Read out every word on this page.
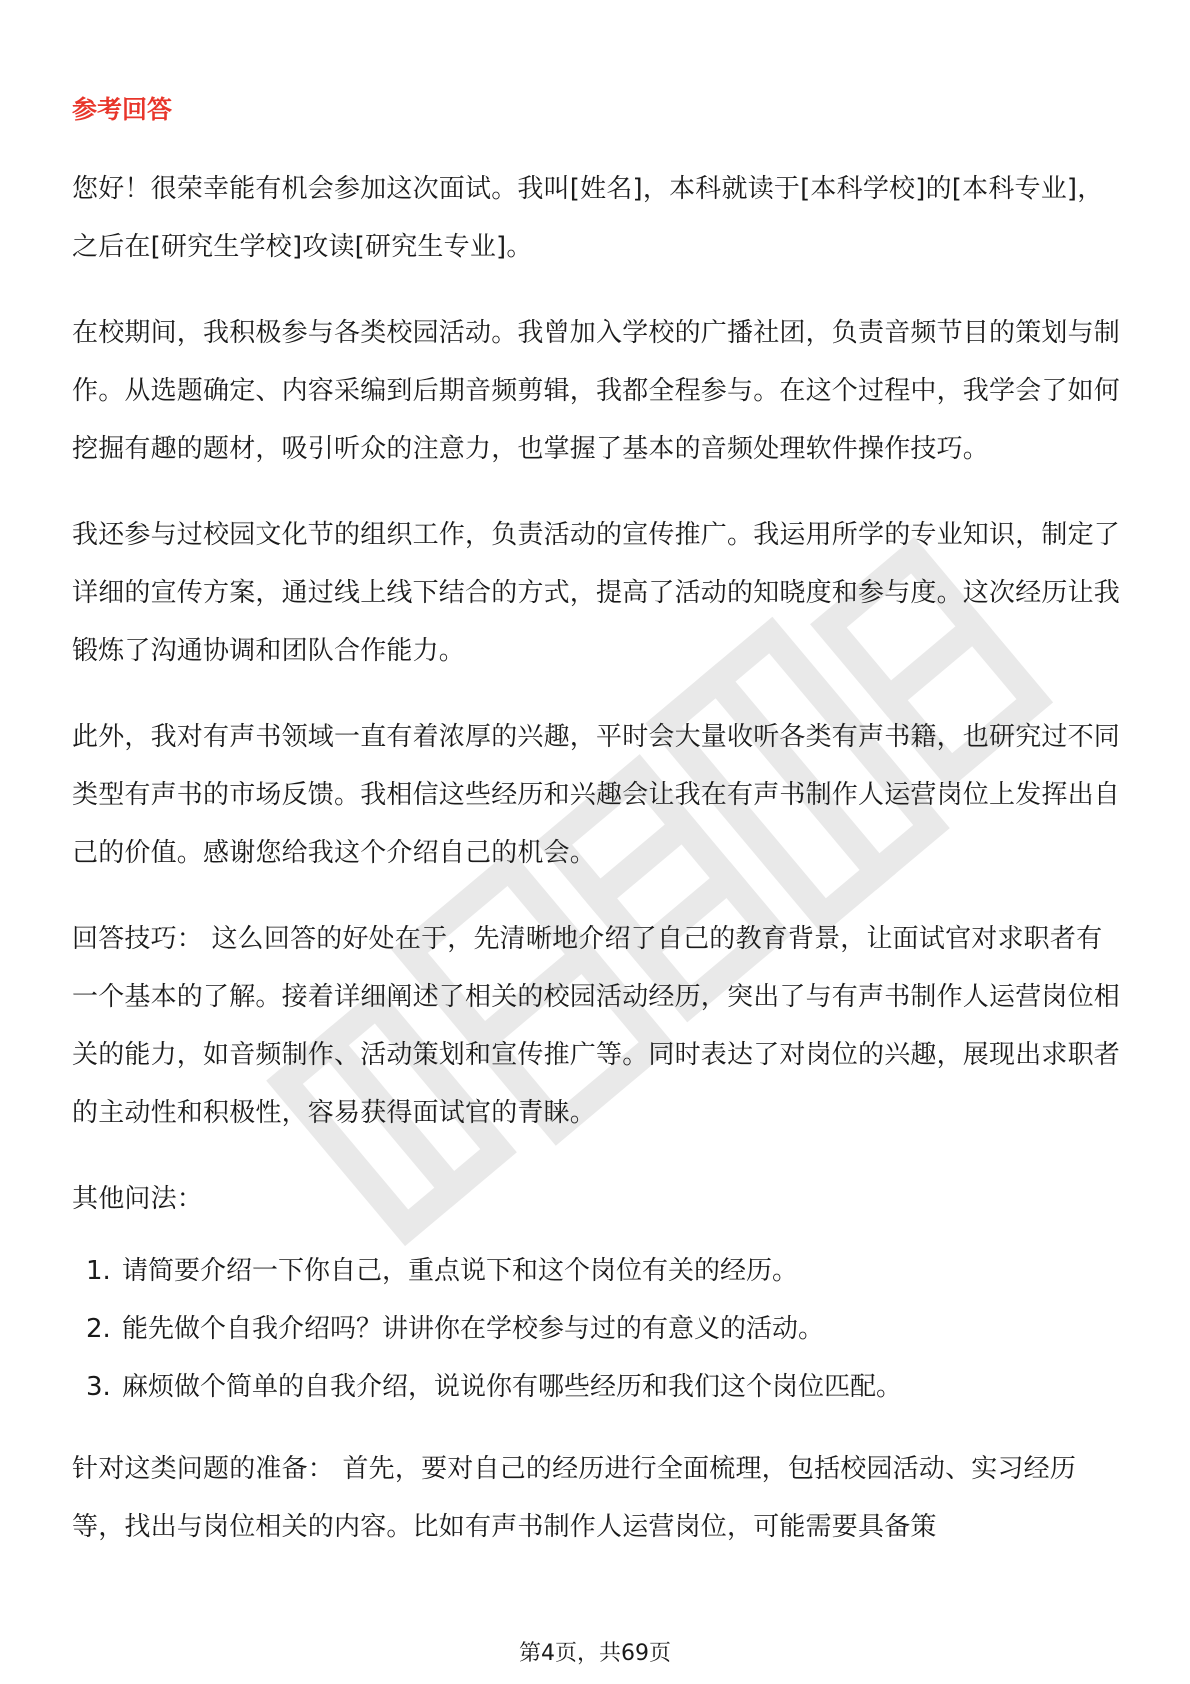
参考回答

您好！很荣幸能有机会参加这次面试。我叫[姓名]，本科就读于[本科学校]的[本科专业]，之后在[研究生学校]攻读[研究生专业]。

在校期间，我积极参与各类校园活动。我曾加入学校的广播社团，负责音频节目的策划与制作。从选题确定、内容采编到后期音频剪辑，我都全程参与。在这个过程中，我学会了如何挖掘有趣的题材，吸引听众的注意力，也掌握了基本的音频处理软件操作技巧。

我还参与过校园文化节的组织工作，负责活动的宣传推广。我运用所学的专业知识，制定了详细的宣传方案，通过线上线下结合的方式，提高了活动的知晓度和参与度。这次经历让我锻炼了沟通协调和团队合作能力。

此外，我对有声书领域一直有着浓厚的兴趣，平时会大量收听各类有声书籍，也研究过不同类型有声书的市场反馈。我相信这些经历和兴趣会让我在有声书制作人运营岗位上发挥出自己的价值。感谢您给我这个介绍自己的机会。

回答技巧： 这么回答的好处在于，先清晰地介绍了自己的教育背景，让面试官对求职者有一个基本的了解。接着详细阐述了相关的校园活动经历，突出了与有声书制作人运营岗位相关的能力，如音频制作、活动策划和宣传推广等。同时表达了对岗位的兴趣，展现出求职者的主动性和积极性，容易获得面试官的青睐。

其他问法：

1. 请简要介绍一下你自己，重点说下和这个岗位有关的经历。
2. 能先做个自我介绍吗？讲讲你在学校参与过的有意义的活动。
3. 麻烦做个简单的自我介绍，说说你有哪些经历和我们这个岗位匹配。

针对这类问题的准备： 首先，要对自己的经历进行全面梳理，包括校园活动、实习经历等，找出与岗位相关的内容。比如有声书制作人运营岗位，可能需要具备策

第4页，共69页
